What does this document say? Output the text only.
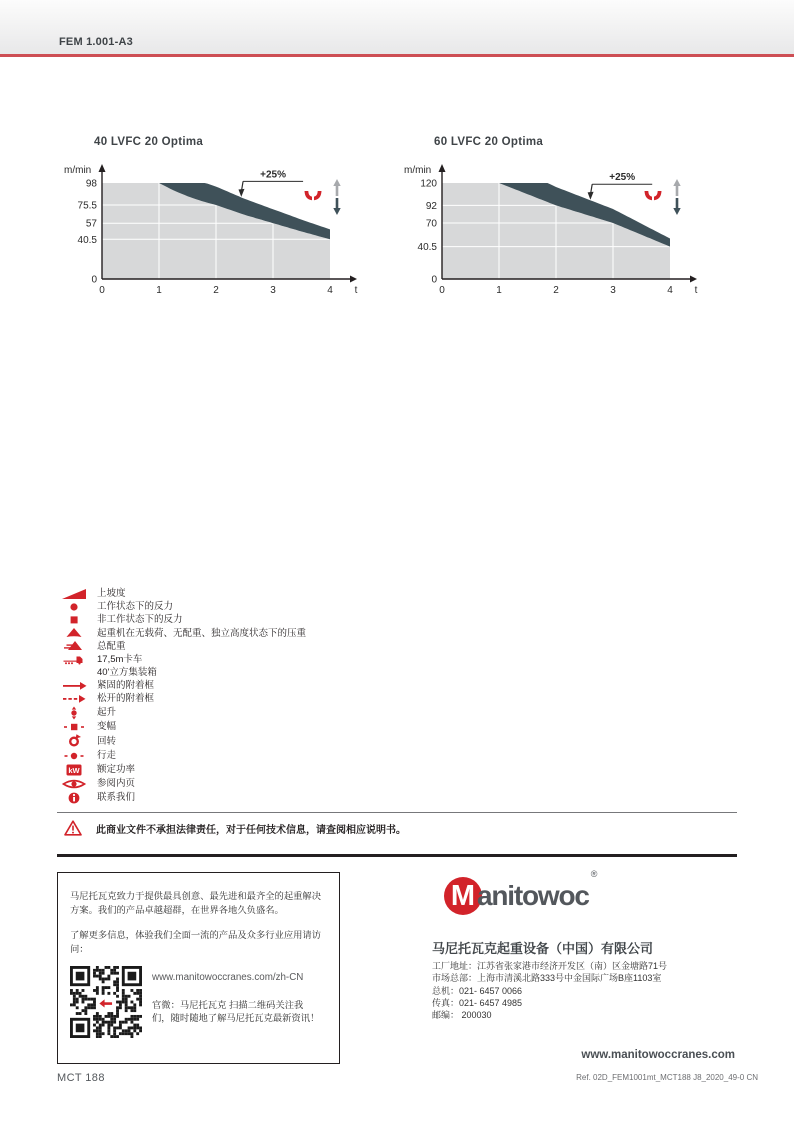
FEM 1.001-A3
40 LVFC 20 Optima
98
75.5
57
40.5
0
0	1	2	3	4 t
m/min	+25%
60 LVFC 20 Optima
120
92
70
40.5
0
0	1	2	3	4 t
m/min
+25%
上坡度
工作状态下的反力
非工作状态下的反力
起重机在无载荷、无配重、独立高度状态下的压重
总配重
17,5m卡车
40'立方集装箱
紧固的附着框
松开的附着框
起升
变幅
回转
行走
kW 额定功率
参阅内页
联系我们
此商业文件不承担法律责任，对于任何技术信息，请查阅相应说明书。

马尼托瓦克致力于提供最具创意、最先进和最齐全的起重解决方案。我们的产品卓越超群，在世界各地久负盛名。

了解更多信息，体验我们全面一流的产品及众多行业应用请访问：

www.manitowoccranes.com/zh-CN
官微：马尼托瓦克 扫描二维码关注我们，随时随地了解马尼托瓦克最新资讯！
M anitowoc®
马尼托瓦克起重设备（中国）有限公司
工厂地址：江苏省张家港市经济开发区（南）区金塘路71号
市场总部：上海市清溪北路333号中金国际广场B座1103室
总机：021- 6457 0066
传真：021- 6457 4985
邮编： 200030
www.manitowoccranes.com
Ref. 02D_FEM1001mt_MCT188 J8_2020_49-0 CN
MCT 188
